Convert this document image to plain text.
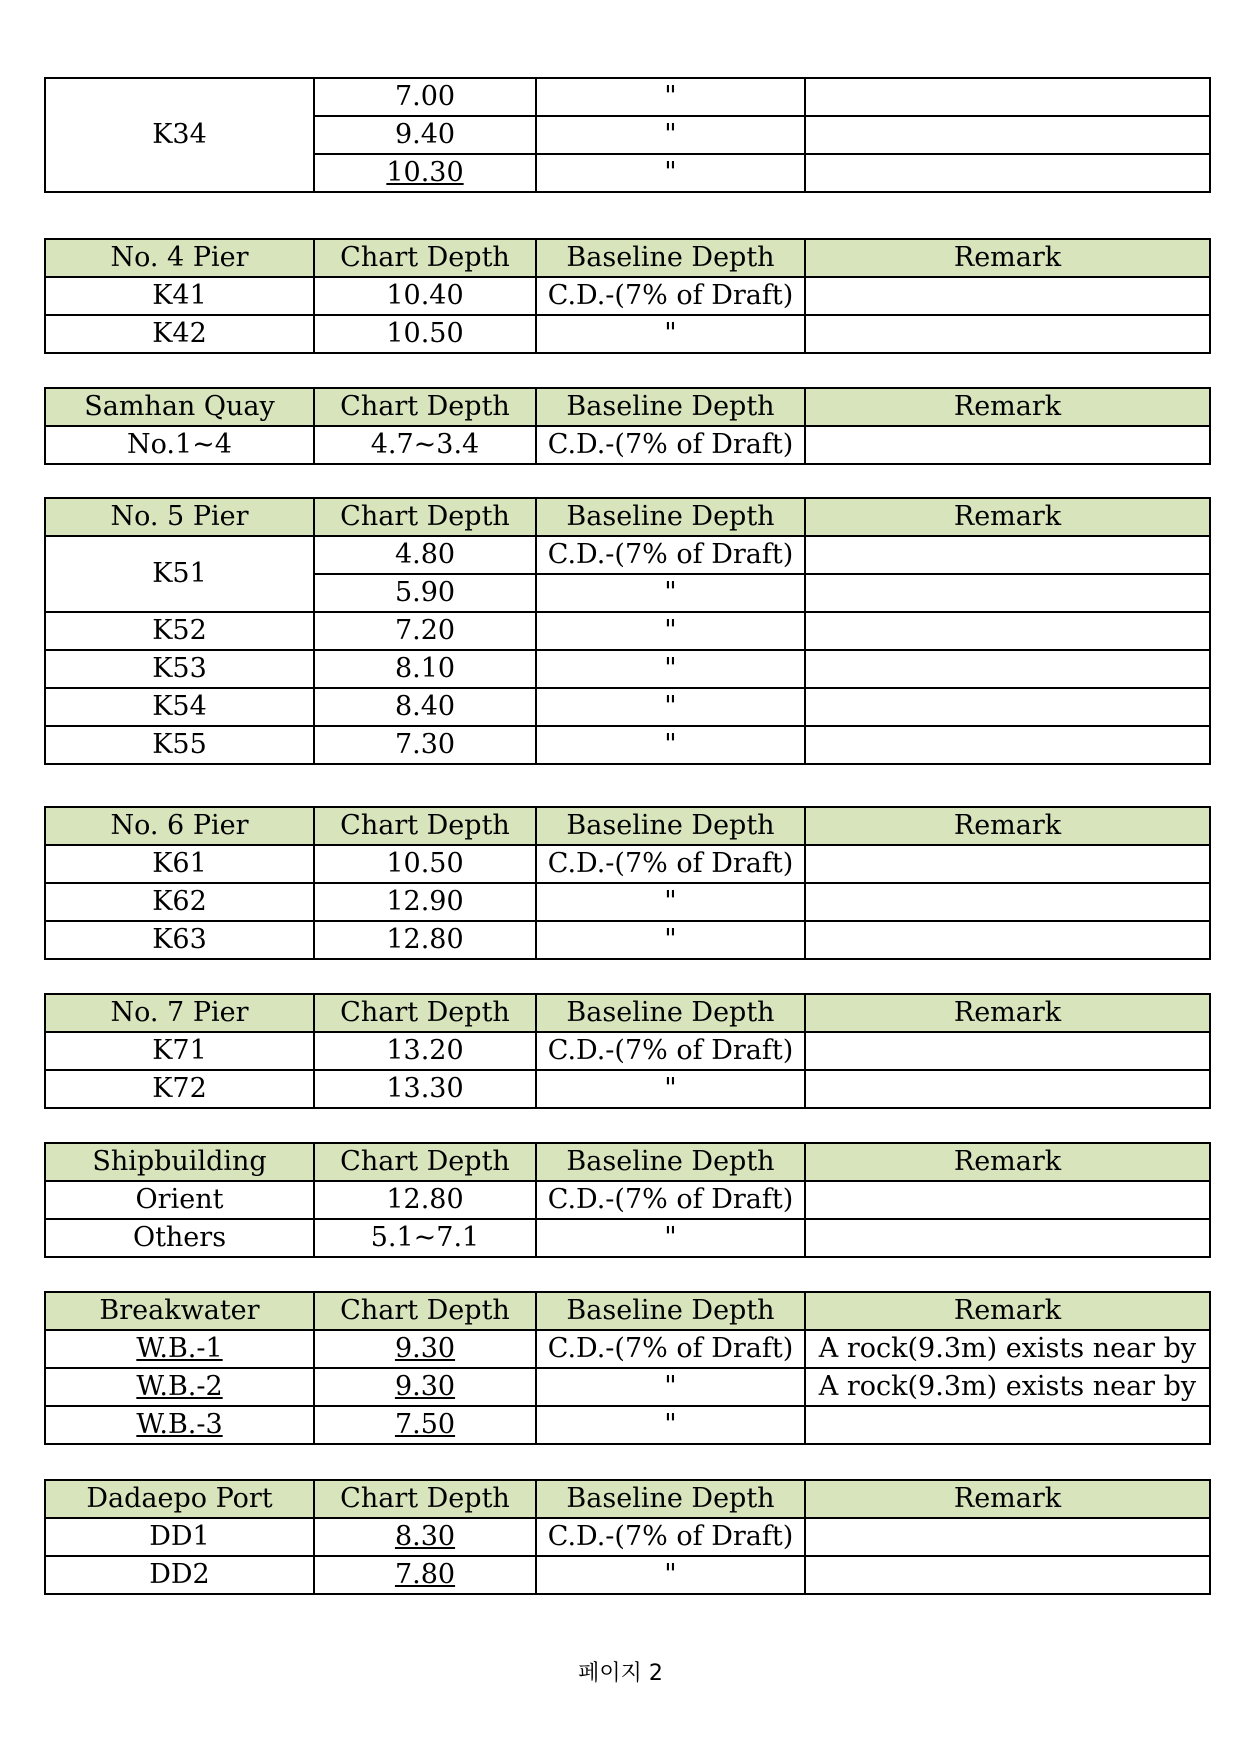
K34	7.00	"	
	9.40	"	
	10.30	"	
No. 4 Pier	Chart Depth	Baseline Depth	Remark
K41	10.40	C.D.-(7% of Draft)	
K42	10.50	"	
Samhan Quay	Chart Depth	Baseline Depth	Remark
No.1~4	4.7~3.4	C.D.-(7% of Draft)	
No. 5 Pier	Chart Depth	Baseline Depth	Remark
K51	4.80	C.D.-(7% of Draft)	
	5.90	"	
K52	7.20	"	
K53	8.10	"	
K54	8.40	"	
K55	7.30	"	
No. 6 Pier	Chart Depth	Baseline Depth	Remark
K61	10.50	C.D.-(7% of Draft)	
K62	12.90	"	
K63	12.80	"	
No. 7 Pier	Chart Depth	Baseline Depth	Remark
K71	13.20	C.D.-(7% of Draft)	
K72	13.30	"	
Shipbuilding	Chart Depth	Baseline Depth	Remark
Orient	12.80	C.D.-(7% of Draft)	
Others	5.1~7.1	"	
Breakwater	Chart Depth	Baseline Depth	Remark
W.B.-1	9.30	C.D.-(7% of Draft)	A rock(9.3m) exists near by
W.B.-2	9.30	"	A rock(9.3m) exists near by
W.B.-3	7.50	"	
Dadaepo Port	Chart Depth	Baseline Depth	Remark
DD1	8.30	C.D.-(7% of Draft)	
DD2	7.80	"	
페이지 2
